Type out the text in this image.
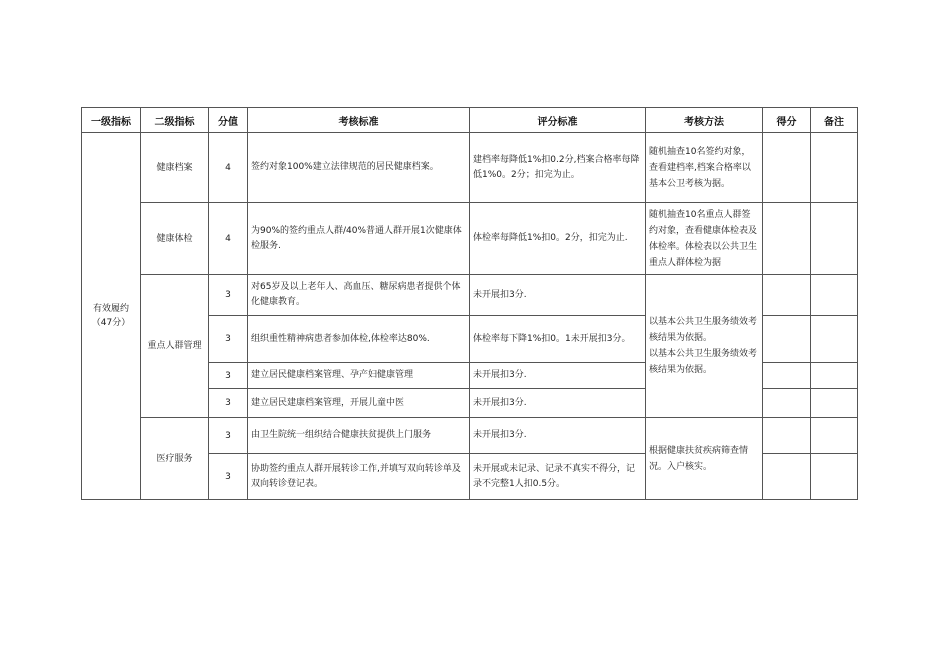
一级指标	二级指标	分值	考核标准	评分标准	考核方法	得分	备注

有效履约
（47分）	健康档案	4	签约对象100%建立法律规范的居民健康档案。	建档率每降低1%扣0.2分,档案合格率每降低1%0。2分；扣完为止。	随机抽查10名签约对象，查看建档率,档案合格率以基本公卫考核为据。		
	健康体检	4	为90%的签约重点人群/40%普通人群开展1次健康体检服务.	体检率每降低1%扣0。2分，扣完为止.	随机抽查10名重点人群签约对象，查看健康体检表及体检率。体检表以公共卫生重点人群体检为据		
	重点人群管理	3	对65岁及以上老年人、高血压、糖尿病患者提供个体化健康教育。	未开展扣3分.	以基本公共卫生服务绩效考核结果为依据。
以基本公共卫生服务绩效考核结果为依据。		

		3	组织重性精神病患者参加体检,体检率达80%.	体检率每下降1%扣0。1未开展扣3分。			
		3	建立居民健康档案管理、孕产妇健康管理	未开展扣3分.			
		3	建立居民建康档案管理，开展儿童中医	未开展扣3分.			
	医疗服务	3	由卫生院统一组织结合健康扶贫提供上门服务	未开展扣3分.	根据健康扶贫疾病筛查情况。入户核实。		
		3	协助签约重点人群开展转诊工作,并填写双向转诊单及双向转诊登记表。	未开展或未记录、记录不真实不得分，记录不完整1人扣0.5分。			
